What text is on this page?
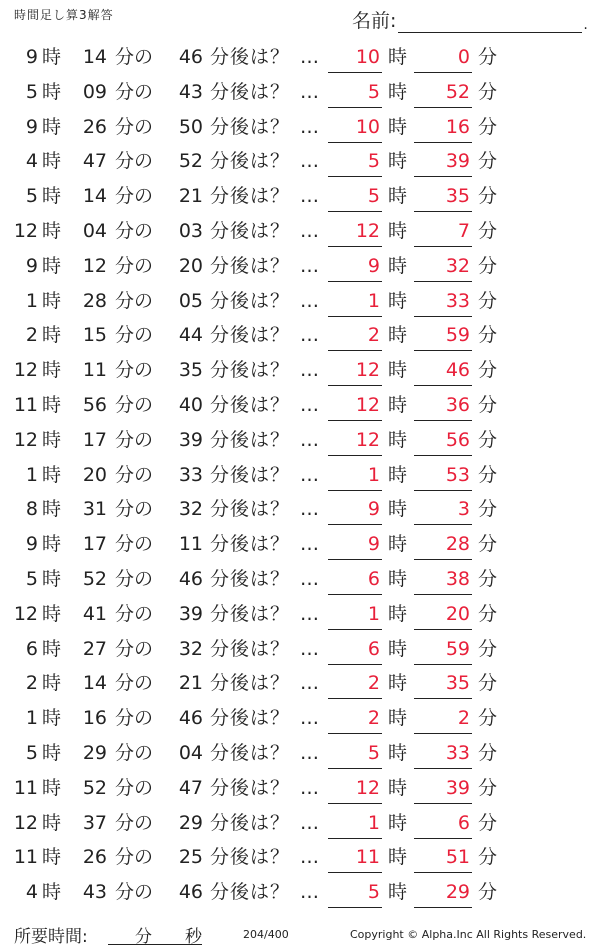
時間足し算3解答	名前:	.
9 時	14 分の	46 分後は？ …	10 時	0 分
5 時	09 分の	43 分後は？ …	5 時	52 分
9 時	26 分の	50 分後は？ …	10 時	16 分
4 時	47 分の	52 分後は？ …	5 時	39 分
5 時	14 分の	21 分後は？ …	5 時	35 分
12 時	04 分の	03 分後は？ …	12 時	7 分
9 時	12 分の	20 分後は？ …	9 時	32 分
1 時	28 分の	05 分後は？ …	1 時	33 分
2 時	15 分の	44 分後は？ …	2 時	59 分
12 時	11 分の	35 分後は？ …	12 時	46 分
11 時	56 分の	40 分後は？ …	12 時	36 分
12 時	17 分の	39 分後は？ …	12 時	56 分
1 時	20 分の	33 分後は？ …	1 時	53 分
8 時	31 分の	32 分後は？ …	9 時	3 分
9 時	17 分の	11 分後は？ …	9 時	28 分
5 時	52 分の	46 分後は？ …	6 時	38 分
12 時	41 分の	39 分後は？ …	1 時	20 分
6 時	27 分の	32 分後は？ …	6 時	59 分
2 時	14 分の	21 分後は？ …	2 時	35 分
1 時	16 分の	46 分後は？ …	2 時	2 分
5 時	29 分の	04 分後は？ …	5 時	33 分
11 時	52 分の	47 分後は？ …	12 時	39 分
12 時	37 分の	29 分後は？ …	1 時	6 分
11 時	26 分の	25 分後は？ …	11 時	51 分
4 時	43 分の	46 分後は？ …	5 時	29 分
所要時間:	分	秒	204/400	Copyright © Alpha.Inc All Rights Reserved.
